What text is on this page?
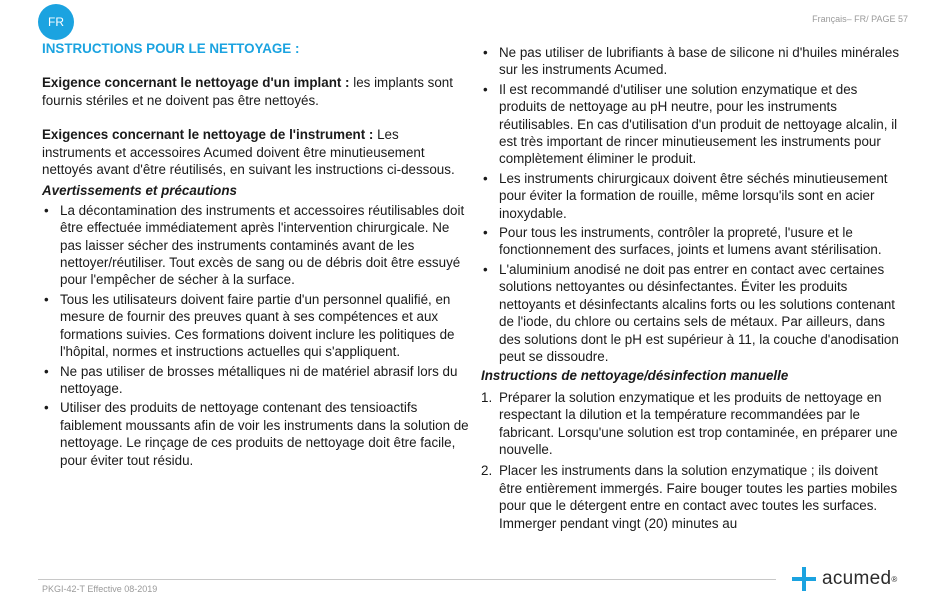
FR	Français– FR/ PAGE 57
INSTRUCTIONS POUR LE NETTOYAGE :

Exigence concernant le nettoyage d'un implant : les implants sont fournis stériles et ne doivent pas être nettoyés.

Exigences concernant le nettoyage de l'instrument : Les instruments et accessoires Acumed doivent être minutieusement nettoyés avant d'être réutilisés, en suivant les instructions ci-dessous.

Avertissements et précautions
• La décontamination des instruments et accessoires réutilisables doit être effectuée immédiatement après l'intervention chirurgicale. Ne pas laisser sécher des instruments contaminés avant de les nettoyer/réutiliser. Tout excès de sang ou de débris doit être essuyé pour l'empêcher de sécher à la surface.
• Tous les utilisateurs doivent faire partie d'un personnel qualifié, en mesure de fournir des preuves quant à ses compétences et aux formations suivies. Ces formations doivent inclure les politiques de l'hôpital, normes et instructions actuelles qui s'appliquent.
• Ne pas utiliser de brosses métalliques ni de matériel abrasif lors du nettoyage.
• Utiliser des produits de nettoyage contenant des tensioactifs faiblement moussants afin de voir les instruments dans la solution de nettoyage. Le rinçage de ces produits de nettoyage doit être facile, pour éviter tout résidu.
• Ne pas utiliser de lubrifiants à base de silicone ni d'huiles minérales sur les instruments Acumed.
• Il est recommandé d'utiliser une solution enzymatique et des produits de nettoyage au pH neutre, pour les instruments réutilisables. En cas d'utilisation d'un produit de nettoyage alcalin, il est très important de rincer minutieusement les instruments pour complètement éliminer le produit.
• Les instruments chirurgicaux doivent être séchés minutieusement pour éviter la formation de rouille, même lorsqu'ils sont en acier inoxydable.
• Pour tous les instruments, contrôler la propreté, l'usure et le fonctionnement des surfaces, joints et lumens avant stérilisation.
• L'aluminium anodisé ne doit pas entrer en contact avec certaines solutions nettoyantes ou désinfectantes. Éviter les produits nettoyants et désinfectants alcalins forts ou les solutions contenant de l'iode, du chlore ou certains sels de métaux. Par ailleurs, dans des solutions dont le pH est supérieur à 11, la couche d'anodisation peut se dissoudre.
Instructions de nettoyage/désinfection manuelle
1. Préparer la solution enzymatique et les produits de nettoyage en respectant la dilution et la température recommandées par le fabricant. Lorsqu'une solution est trop contaminée, en préparer une nouvelle.
2. Placer les instruments dans la solution enzymatique ; ils doivent être entièrement immergés. Faire bouger toutes les parties mobiles pour que le détergent entre en contact avec toutes les surfaces. Immerger pendant vingt (20) minutes au
PKGI-42-T Effective 08-2019	acumed ®
